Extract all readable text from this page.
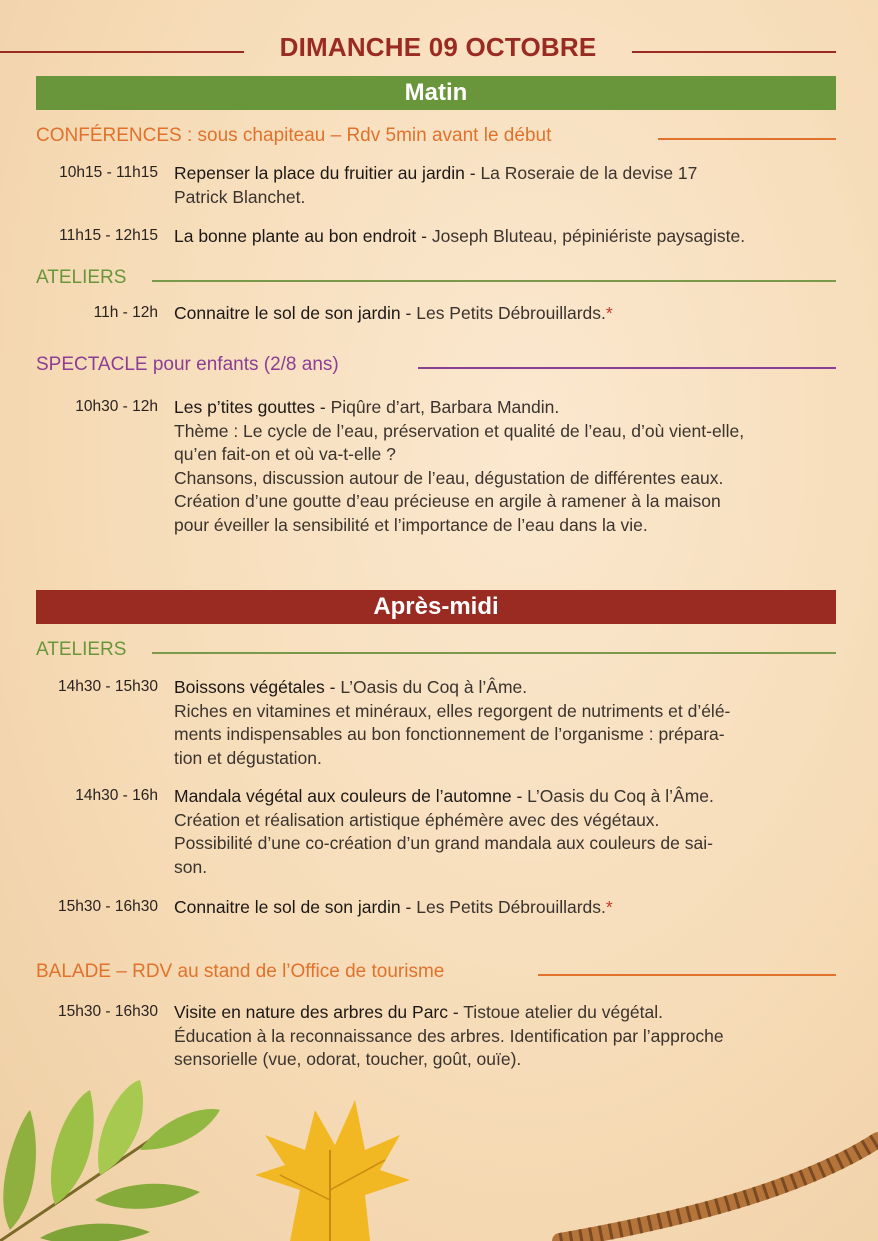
DIMANCHE 09 OCTOBRE
Matin
CONFÉRENCES : sous chapiteau – Rdv 5min avant le début
10h15 - 11h15 Repenser la place du fruitier au jardin - La Roseraie de la devise 17
Patrick Blanchet.
11h15 - 12h15 La bonne plante au bon endroit - Joseph Bluteau, pépiniériste paysagiste.
ATELIERS
11h - 12h Connaitre le sol de son jardin - Les Petits Débrouillards.*
SPECTACLE pour enfants (2/8 ans)
10h30 - 12h Les p’tites gouttes - Piqûre d’art, Barbara Mandin.
Thème : Le cycle de l’eau, préservation et qualité de l’eau, d’où vient-elle,
qu’en fait-on et où va-t-elle ?
Chansons, discussion autour de l’eau, dégustation de différentes eaux.
Création d’une goutte d’eau précieuse en argile à ramener à la maison
pour éveiller la sensibilité et l’importance de l’eau dans la vie.
Après-midi
ATELIERS
14h30 - 15h30 Boissons végétales - L’Oasis du Coq à l’Âme.
Riches en vitamines et minéraux, elles regorgent de nutriments et d’élé-
ments indispensables au bon fonctionnement de l’organisme : prépara-
tion et dégustation.
14h30 - 16h Mandala végétal aux couleurs de l’automne - L’Oasis du Coq à l’Âme.
Création et réalisation artistique éphémère avec des végétaux.
Possibilité d’une co-création d’un grand mandala aux couleurs de sai-
son.
15h30 - 16h30 Connaitre le sol de son jardin - Les Petits Débrouillards.*
BALADE – RDV au stand de l’Office de tourisme
15h30 - 16h30 Visite en nature des arbres du Parc - Tistoue atelier du végétal.
Éducation à la reconnaissance des arbres. Identification par l’approche
sensorielle (vue, odorat, toucher, goût, ouïe).
